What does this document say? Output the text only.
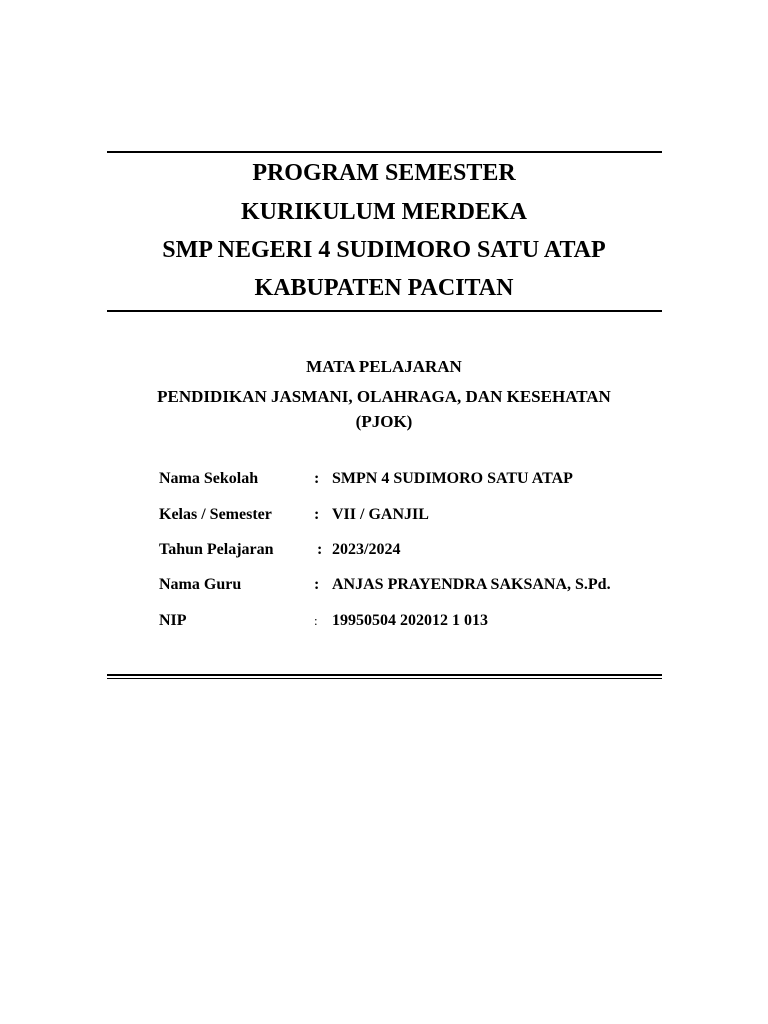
PROGRAM SEMESTER
KURIKULUM MERDEKA
SMP NEGERI 4 SUDIMORO SATU ATAP
KABUPATEN PACITAN
MATA PELAJARAN
PENDIDIKAN JASMANI, OLAHRAGA, DAN KESEHATAN
(PJOK)
Nama Sekolah	: SMPN 4 SUDIMORO SATU ATAP
Kelas / Semester	: VII / GANJIL
Tahun Pelajaran	: 2023/2024
Nama Guru	: ANJAS PRAYENDRA SAKSANA, S.Pd.
NIP	: 19950504 202012 1 013
